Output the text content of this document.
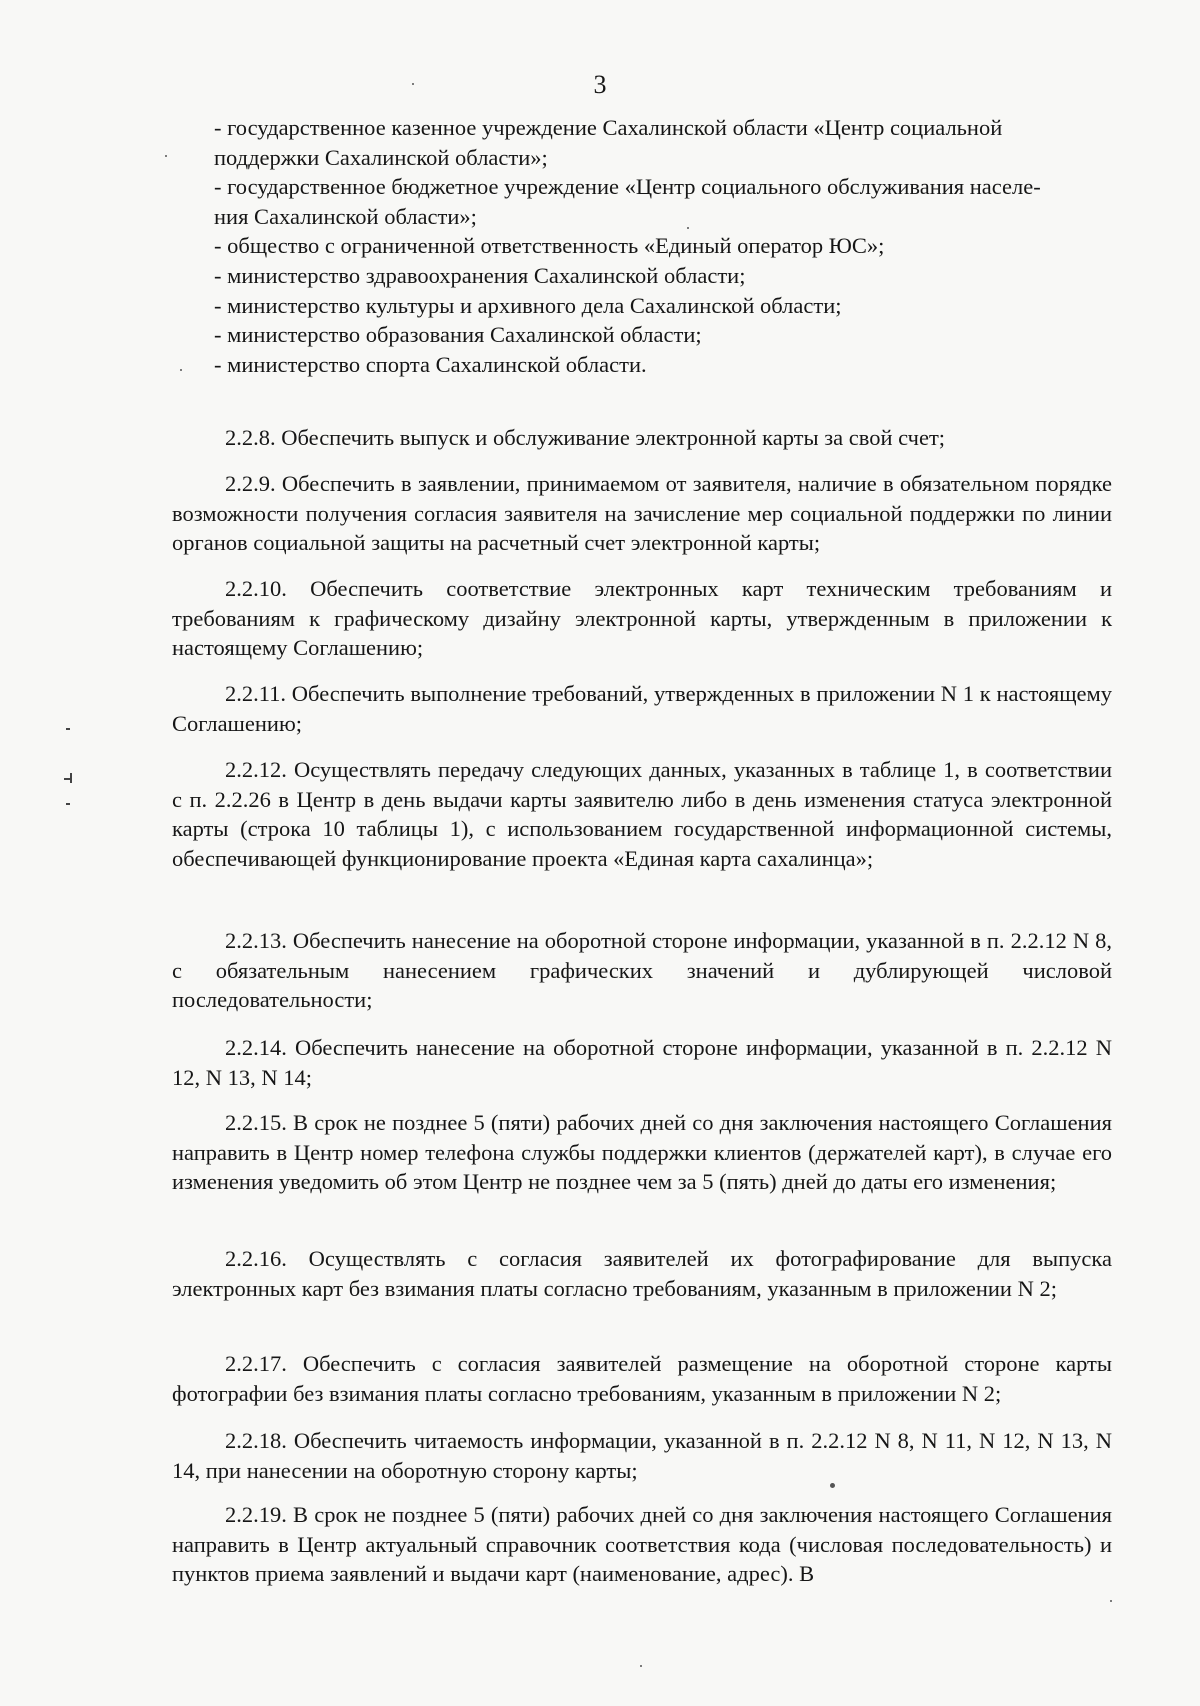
3
- государственное казенное учреждение Сахалинской области «Центр социальной
поддержки Сахалинской области»;
- государственное бюджетное учреждение «Центр социального обслуживания населе-
ния Сахалинской области»;
- общество с ограниченной ответственность «Единый оператор ЮС»;
- министерство здравоохранения Сахалинской области;
- министерство культуры и архивного дела Сахалинской области;
- министерство образования Сахалинской области;
- министерство спорта Сахалинской области.
2.2.8. Обеспечить выпуск и обслуживание электронной карты за свой счет;
2.2.9. Обеспечить в заявлении, принимаемом от заявителя, наличие в обязательном порядке возможности получения согласия заявителя на зачисление мер социальной поддержки по линии органов социальной защиты на расчетный счет электронной карты;
2.2.10. Обеспечить соответствие электронных карт техническим требованиям и требованиям к графическому дизайну электронной карты, утвержденным в приложении к настоящему Соглашению;
2.2.11. Обеспечить выполнение требований, утвержденных в приложении N 1 к настоящему Соглашению;
2.2.12. Осуществлять передачу следующих данных, указанных в таблице 1, в соответствии с п. 2.2.26 в Центр в день выдачи карты заявителю либо в день изменения статуса электронной карты (строка 10 таблицы 1), с использованием государственной информационной системы, обеспечивающей функционирование проекта «Единая карта сахалинца»;
2.2.13. Обеспечить нанесение на оборотной стороне информации, указанной в п. 2.2.12 N 8, с обязательным нанесением графических значений и дублирующей числовой последовательности;
2.2.14. Обеспечить нанесение на оборотной стороне информации, указанной в п. 2.2.12 N 12, N 13, N 14;
2.2.15. В срок не позднее 5 (пяти) рабочих дней со дня заключения настоящего Соглашения направить в Центр номер телефона службы поддержки клиентов (держателей карт), в случае его изменения уведомить об этом Центр не позднее чем за 5 (пять) дней до даты его изменения;
2.2.16. Осуществлять с согласия заявителей их фотографирование для выпуска электронных карт без взимания платы согласно требованиям, указанным в приложении N 2;
2.2.17. Обеспечить с согласия заявителей размещение на оборотной стороне карты фотографии без взимания платы согласно требованиям, указанным в приложении N 2;
2.2.18. Обеспечить читаемость информации, указанной в п. 2.2.12 N 8, N 11, N 12, N 13, N 14, при нанесении на оборотную сторону карты;
2.2.19. В срок не позднее 5 (пяти) рабочих дней со дня заключения настоящего Соглашения направить в Центр актуальный справочник соответствия кода (числовая последовательность) и пунктов приема заявлений и выдачи карт (наименование, адрес). В
